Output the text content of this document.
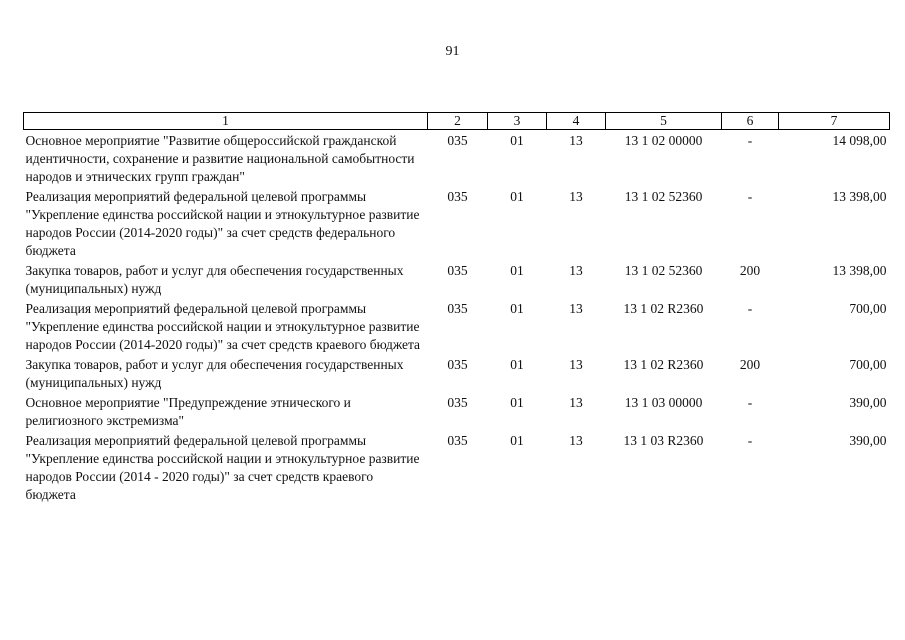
91
1	2	3	4	5	6	7
Основное мероприятие "Развитие общероссийской гражданской идентичности, сохранение и развитие национальной самобытности народов и этнических групп граждан"	035	01	13	13 1 02 00000	-	14 098,00
Реализация мероприятий федеральной целевой программы "Укрепление единства российской нации и этнокультурное развитие народов России (2014-2020 годы)" за счет средств федерального бюджета	035	01	13	13 1 02 52360	-	13 398,00
Закупка товаров, работ и услуг для обеспечения государственных (муниципальных) нужд	035	01	13	13 1 02 52360	200	13 398,00
Реализация мероприятий федеральной целевой программы "Укрепление единства российской нации и этнокультурное развитие народов России (2014-2020 годы)" за счет средств краевого бюджета	035	01	13	13 1 02 R2360	-	700,00
Закупка товаров, работ и услуг для обеспечения государственных (муниципальных) нужд	035	01	13	13 1 02 R2360	200	700,00
Основное мероприятие "Предупреждение этнического и религиозного экстремизма"	035	01	13	13 1 03 00000	-	390,00
Реализация мероприятий федеральной целевой программы "Укрепление единства российской нации и этнокультурное развитие народов России (2014 - 2020 годы)" за счет средств краевого бюджета	035	01	13	13 1 03 R2360	-	390,00
